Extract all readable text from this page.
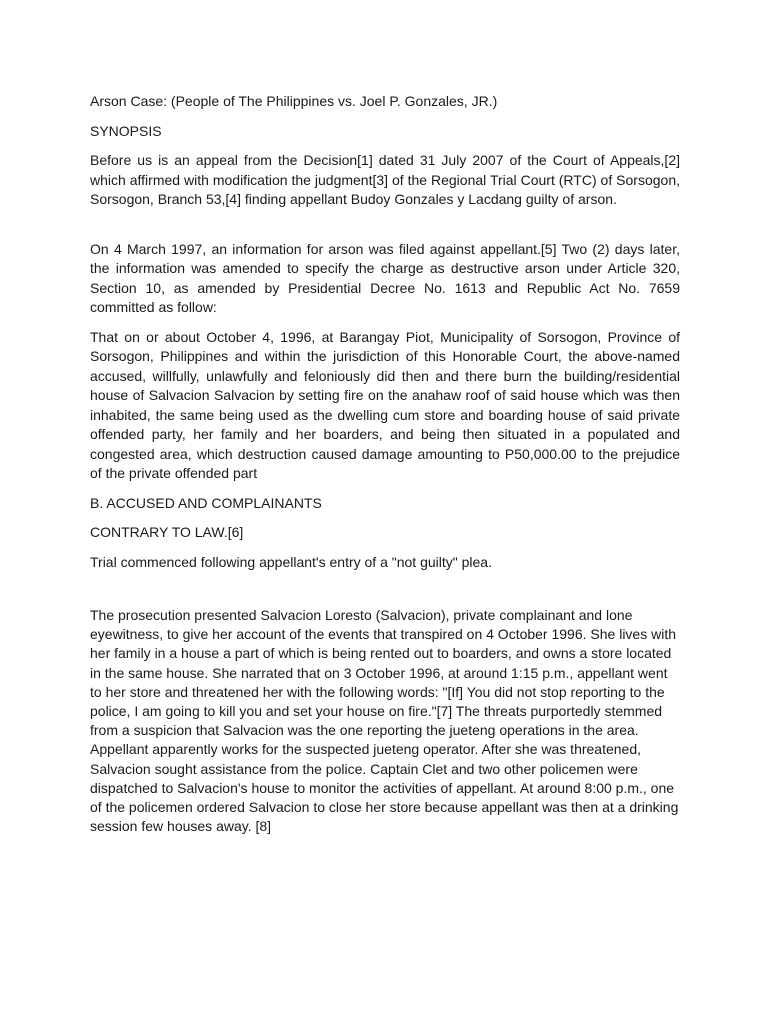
Arson Case: (People of The Philippines vs. Joel P. Gonzales, JR.)

SYNOPSIS

Before us is an appeal from the Decision[1] dated 31 July 2007 of the Court of Appeals,[2] which affirmed with modification the judgment[3] of the Regional Trial Court (RTC) of Sorsogon, Sorsogon, Branch 53,[4] finding appellant Budoy Gonzales y Lacdang guilty of arson.

On 4 March 1997, an information for arson was filed against appellant.[5] Two (2) days later, the information was amended to specify the charge as destructive arson under Article 320, Section 10, as amended by Presidential Decree No. 1613 and Republic Act No. 7659 committed as follow:

That on or about October 4, 1996, at Barangay Piot, Municipality of Sorsogon, Province of Sorsogon, Philippines and within the jurisdiction of this Honorable Court, the above-named accused, willfully, unlawfully and feloniously did then and there burn the building/residential house of Salvacion Salvacion by setting fire on the anahaw roof of said house which was then inhabited, the same being used as the dwelling cum store and boarding house of said private offended party, her family and her boarders, and being then situated in a populated and congested area, which destruction caused damage amounting to P50,000.00 to the prejudice of the private offended part

B. ACCUSED AND COMPLAINANTS

CONTRARY TO LAW.[6]

Trial commenced following appellant's entry of a "not guilty" plea.

The prosecution presented Salvacion Loresto (Salvacion), private complainant and lone eyewitness, to give her account of the events that transpired on 4 October 1996. She lives with her family in a house a part of which is being rented out to boarders, and owns a store located in the same house. She narrated that on 3 October 1996, at around 1:15 p.m., appellant went to her store and threatened her with the following words: "[If] You did not stop reporting to the police, I am going to kill you and set your house on fire."[7] The threats purportedly stemmed from a suspicion that Salvacion was the one reporting the jueteng operations in the area. Appellant apparently works for the suspected jueteng operator. After she was threatened, Salvacion sought assistance from the police. Captain Clet and two other policemen were dispatched to Salvacion's house to monitor the activities of appellant. At around 8:00 p.m., one of the policemen ordered Salvacion to close her store because appellant was then at a drinking session few houses away. [8]
